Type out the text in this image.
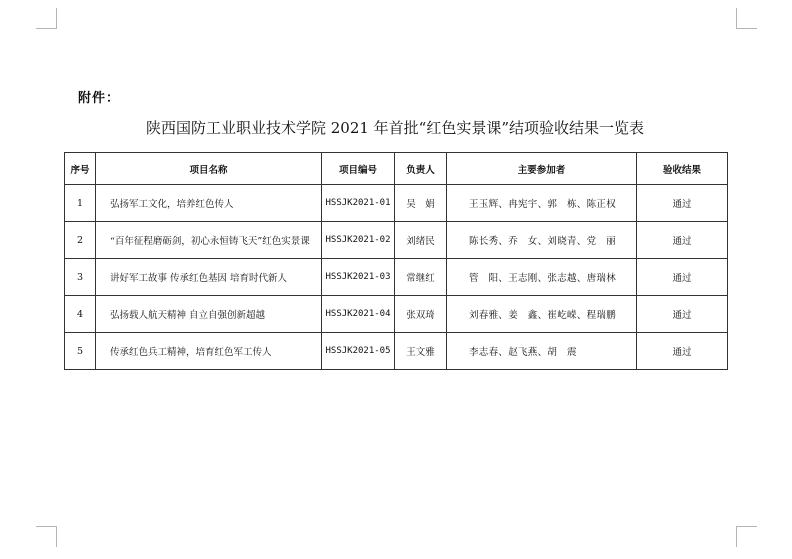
附件：
陕西国防工业职业技术学院 2021 年首批“红色实景课”结项验收结果一览表
序号	项目名称	项目编号	负责人	主要参加者	验收结果
1	弘扬军工文化，培养红色传人	HSSJK2021-01	吴　娟	王玉辉、冉宪宇、郭　栋、陈正权	通过
2	“百年征程磨砺剑，初心永恒铸飞天”红色实景课	HSSJK2021-02	刘绪民	陈长秀、乔　女、刘晓青、党　丽	通过
3	讲好军工故事 传承红色基因 培育时代新人	HSSJK2021-03	常继红	管　阳、王志刚、张志越、唐瑞林	通过
4	弘扬载人航天精神 自立自强创新超越	HSSJK2021-04	张双琦	刘春雅、姜　鑫、崔屹嵘、程瑞鹏	通过
5	传承红色兵工精神，培育红色军工传人	HSSJK2021-05	王文雅	李志春、赵飞燕、胡　震	通过
